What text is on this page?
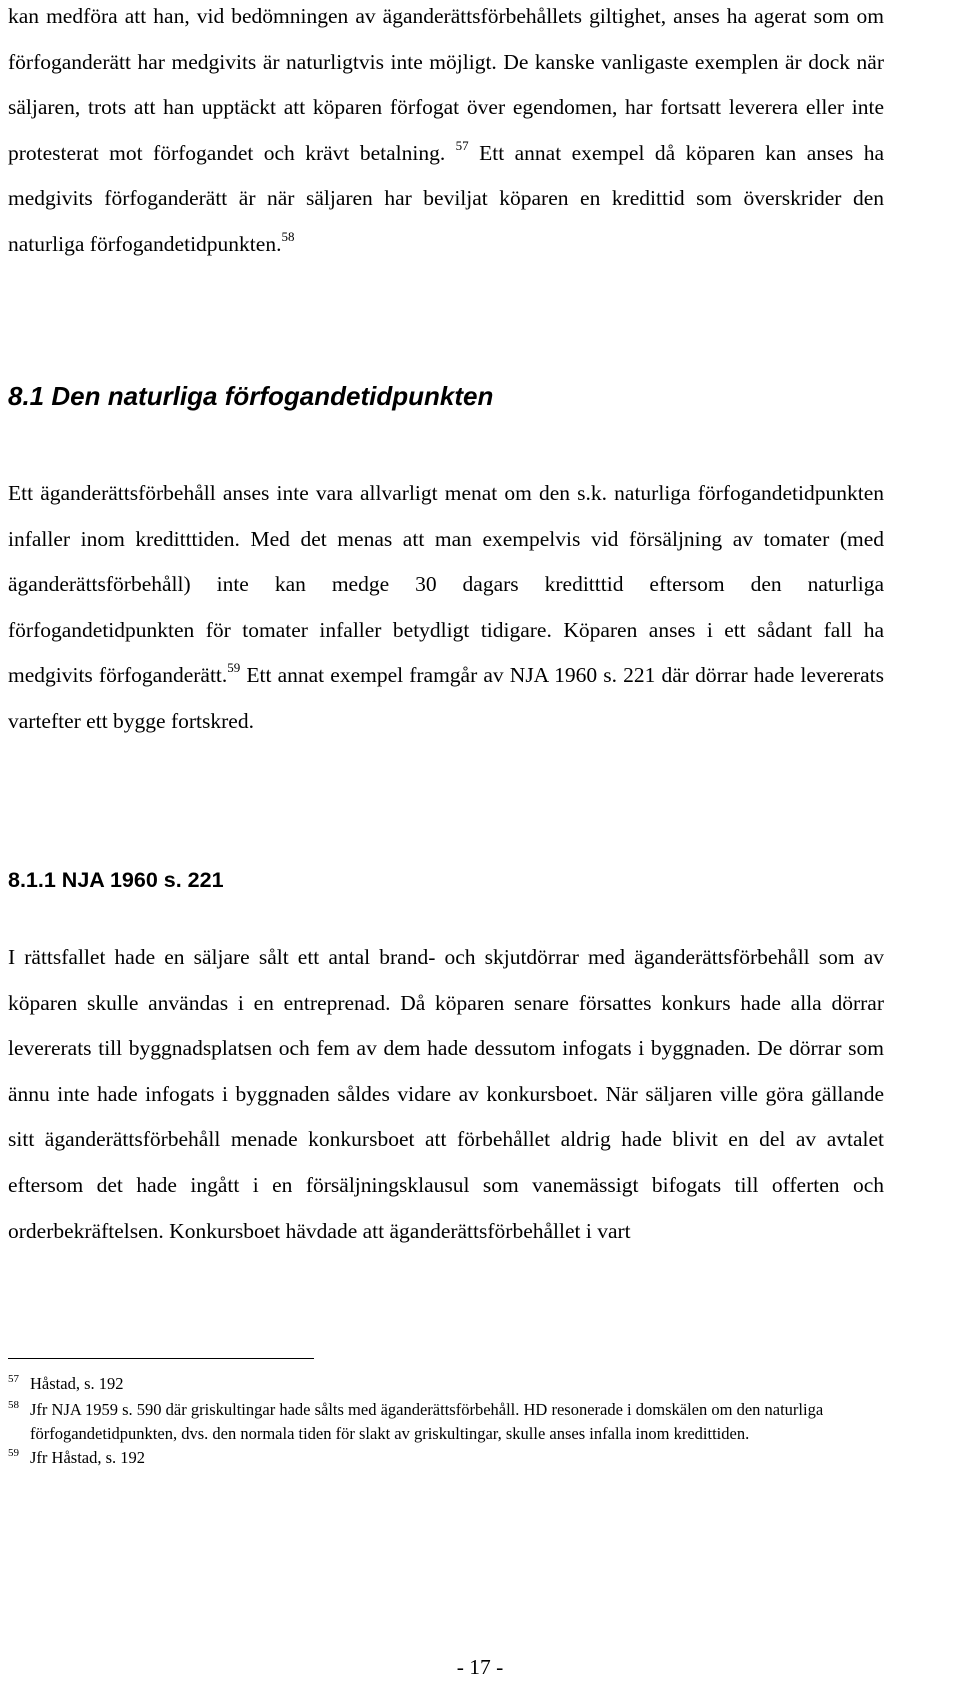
kan medföra att han, vid bedömningen av äganderättsförbehållets giltighet, anses ha agerat som om förfoganderätt har medgivits är naturligtvis inte möjligt. De kanske vanligaste exemplen är dock när säljaren, trots att han upptäckt att köparen förfogat över egendomen, har fortsatt leverera eller inte protesterat mot förfogandet och krävt betalning. $^{57}$ Ett annat exempel då köparen kan anses ha medgivits förfoganderätt är när säljaren har beviljat köparen en kredittid som överskrider den naturliga förfogandetidpunkten.$^{58}$

8.1 Den naturliga förfogandetidpunkten

Ett äganderättsförbehåll anses inte vara allvarligt menat om den s.k. naturliga förfogandetidpunkten infaller inom kreditttiden. Med det menas att man exempelvis vid försäljning av tomater (med äganderättsförbehåll) inte kan medge 30 dagars kreditttid eftersom den naturliga förfogandetidpunkten för tomater infaller betydligt tidigare. Köparen anses i ett sådant fall ha medgivits förfoganderätt.$^{59}$ Ett annat exempel framgår av NJA 1960 s. 221 där dörrar hade levererats vartefter ett bygge fortskred.

8.1.1 NJA 1960 s. 221

I rättsfallet hade en säljare sålt ett antal brand- och skjutdörrar med äganderättsförbehåll som av köparen skulle användas i en entreprenad. Då köparen senare försattes konkurs hade alla dörrar levererats till byggnadsplatsen och fem av dem hade dessutom infogats i byggnaden. De dörrar som ännu inte hade infogats i byggnaden såldes vidare av konkursboet. När säljaren ville göra gällande sitt äganderättsförbehåll menade konkursboet att förbehållet aldrig hade blivit en del av avtalet eftersom det hade ingått i en försäljningsklausul som vanemässigt bifogats till offerten och orderbekräftelsen. Konkursboet hävdade att äganderättsförbehållet i vart

$^{57}$ Håstad, s. 192
$^{58}$ Jfr NJA 1959 s. 590 där griskultingar hade sålts med äganderättsförbehåll. HD resonerade i domskälen om den naturliga förfogandetidpunkten, dvs. den normala tiden för slakt av griskultingar, skulle anses infalla inom kredittiden.
$^{59}$ Jfr Håstad, s. 192
- 17 -
